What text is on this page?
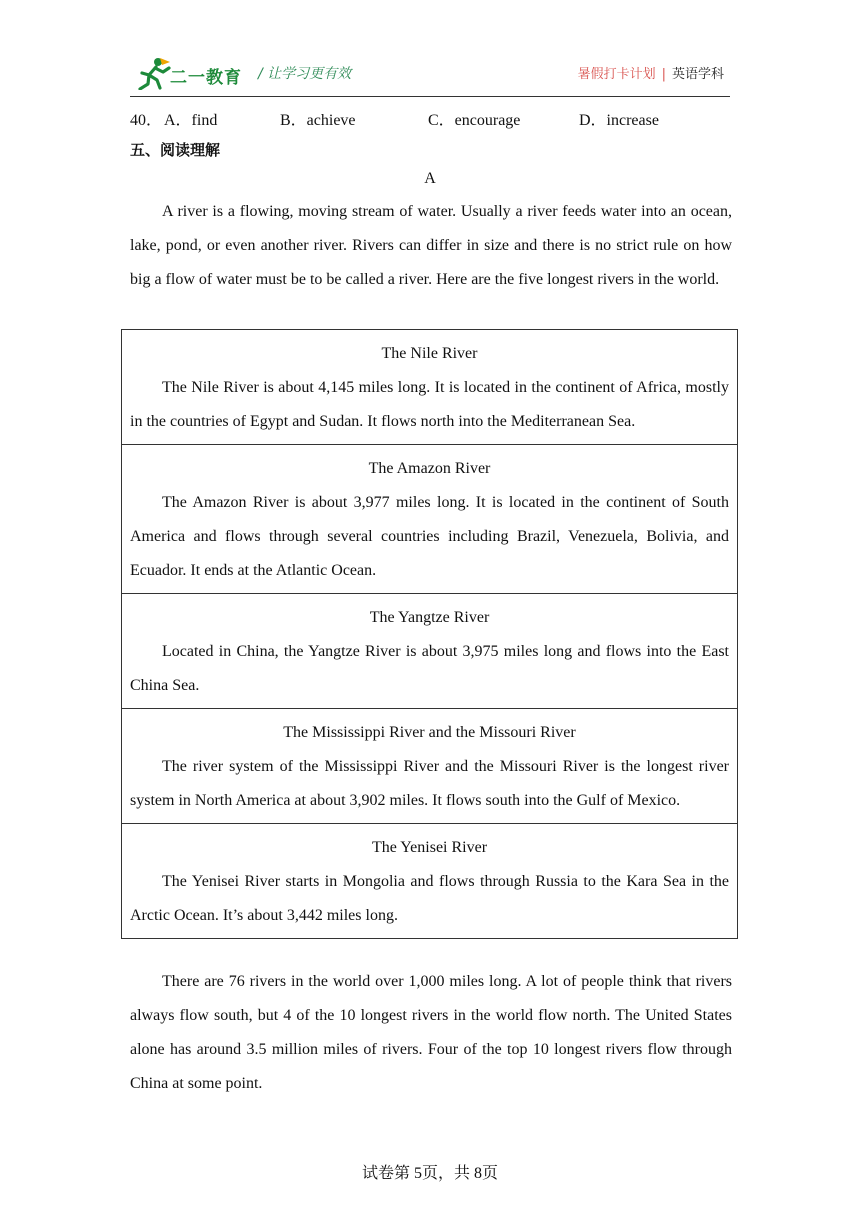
二一教育 / 让学习更有效	暑假打卡计划 | 英语学科
40． A．find	B．achieve	C．encourage	D．increase
五、阅读理解
A

A river is a flowing, moving stream of water. Usually a river feeds water into an ocean, lake, pond, or even another river. Rivers can differ in size and there is no strict rule on how big a flow of water must be to be called a river. Here are the five longest rivers in the world.

The Nile River
The Nile River is about 4,145 miles long. It is located in the continent of Africa, mostly in the countries of Egypt and Sudan. It flows north into the Mediterranean Sea.
The Amazon River
The Amazon River is about 3,977 miles long. It is located in the continent of South America and flows through several countries including Brazil, Venezuela, Bolivia, and Ecuador. It ends at the Atlantic Ocean.
The Yangtze River
Located in China, the Yangtze River is about 3,975 miles long and flows into the East China Sea.
The Mississippi River and the Missouri River
The river system of the Mississippi River and the Missouri River is the longest river system in North America at about 3,902 miles. It flows south into the Gulf of Mexico.
The Yenisei River
The Yenisei River starts in Mongolia and flows through Russia to the Kara Sea in the Arctic Ocean. It’s about 3,442 miles long.

There are 76 rivers in the world over 1,000 miles long. A lot of people think that rivers always flow south, but 4 of the 10 longest rivers in the world flow north. The United States alone has around 3.5 million miles of rivers. Four of the top 10 longest rivers flow through China at some point.

试卷第 5页，共 8页
